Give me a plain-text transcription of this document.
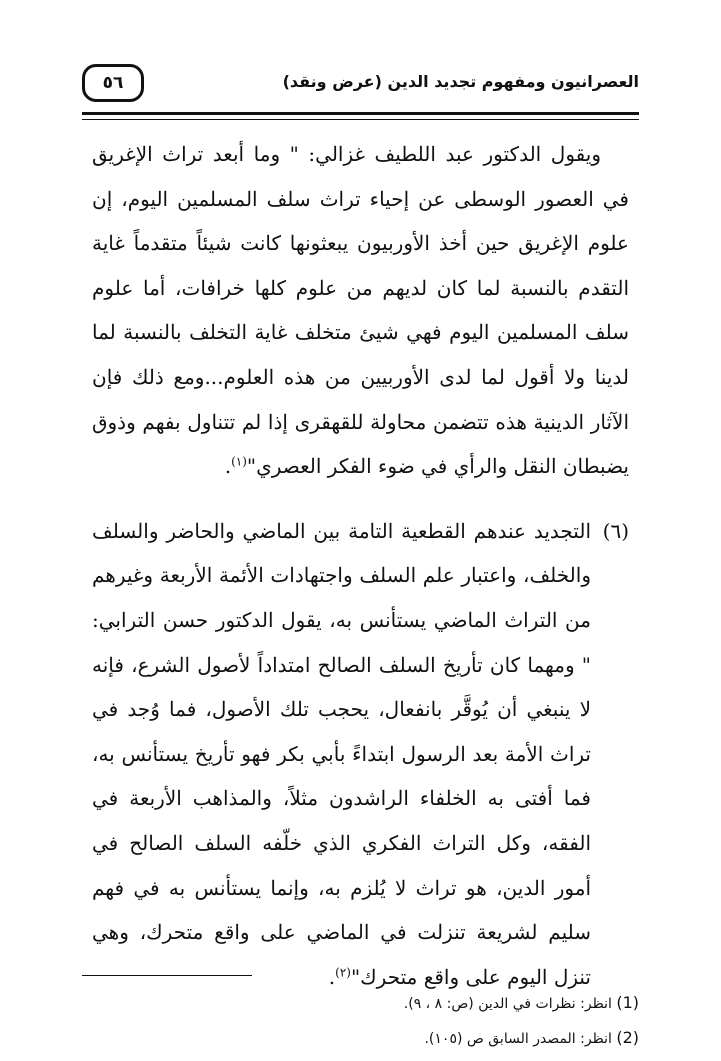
٥٦	العصرانيون ومفهوم تجديد الدين (عرض ونقد)

ويقول الدكتور عبد اللطيف غزالي: " وما أبعد تراث الإغريق في العصور الوسطى عن إحياء تراث سلف المسلمين اليوم، إن علوم الإغريق حين أخذ الأوربيون يبعثونها كانت شيئاً متقدماً غاية التقدم بالنسبة لما كان لديهم من علوم كلها خرافات، أما علوم سلف المسلمين اليوم فهي شيئ متخلف غاية التخلف بالنسبة لما لدينا ولا أقول لما لدى الأوربيين من هذه العلوم...ومع ذلك فإن الآثار الدينية هذه تتضمن محاولة للقهقرى إذا لم تتناول بفهم وذوق يضبطان النقل والرأي في ضوء الفكر العصري"$^{(١)}$.

(٦)

التجديد عندهم القطعية التامة بين الماضي والحاضر والسلف والخلف، واعتبار علم السلف واجتهادات الأئمة الأربعة وغيرهم من التراث الماضي يستأنس به، يقول الدكتور حسن الترابي: " ومهما كان تأريخ السلف الصالح امتداداً لأصول الشرع، فإنه لا ينبغي أن يُوقَّر بانفعال، يحجب تلك الأصول، فما وُجد في تراث الأمة بعد الرسول ابتداءً بأبي بكر فهو تأريخ يستأنس به، فما أفتى به الخلفاء الراشدون مثلاً، والمذاهب الأربعة في الفقه، وكل التراث الفكري الذي خلّفه السلف الصالح في أمور الدين، هو تراث لا يُلزم به، وإنما يستأنس به في فهم سليم لشريعة تنزلت في الماضي على واقع متحرك، وهي تنزل اليوم على واقع متحرك"$^{(٢)}$.

(1) انظر: نظرات في الدين (ص: ٨ ، ٩).
(2) انظر: المصدر السابق ص (١٠٥).
